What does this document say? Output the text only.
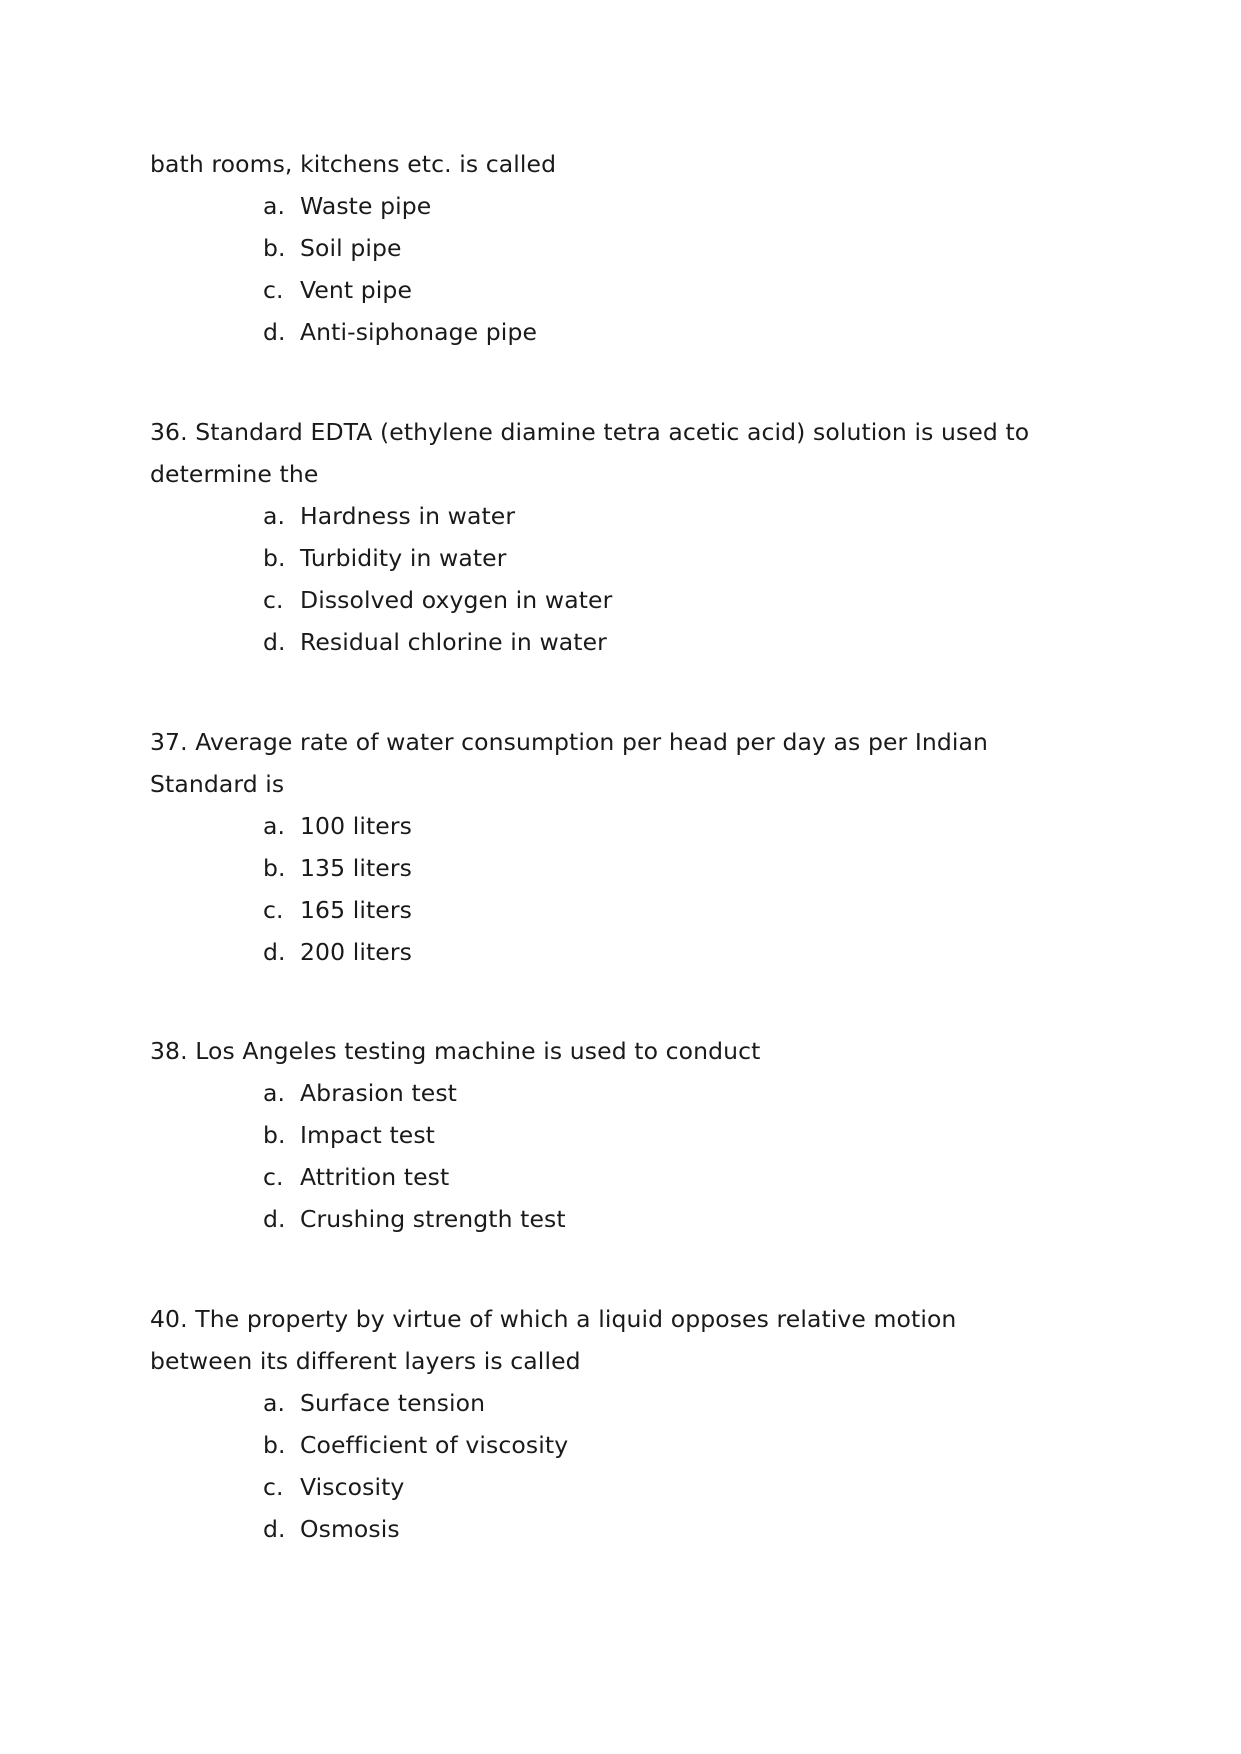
bath rooms, kitchens etc. is called
a. Waste pipe
b. Soil pipe
c. Vent pipe
d. Anti-siphonage pipe
36. Standard EDTA (ethylene diamine tetra acetic acid) solution is used to
determine the
a. Hardness in water
b. Turbidity in water
c. Dissolved oxygen in water
d. Residual chlorine in water
37. Average rate of water consumption per head per day as per Indian
Standard is
a. 100 liters
b. 135 liters
c. 165 liters
d. 200 liters
38. Los Angeles testing machine is used to conduct
a. Abrasion test
b. Impact test
c. Attrition test
d. Crushing strength test
40. The property by virtue of which a liquid opposes relative motion
between its different layers is called
a. Surface tension
b. Coefficient of viscosity
c. Viscosity
d. Osmosis
